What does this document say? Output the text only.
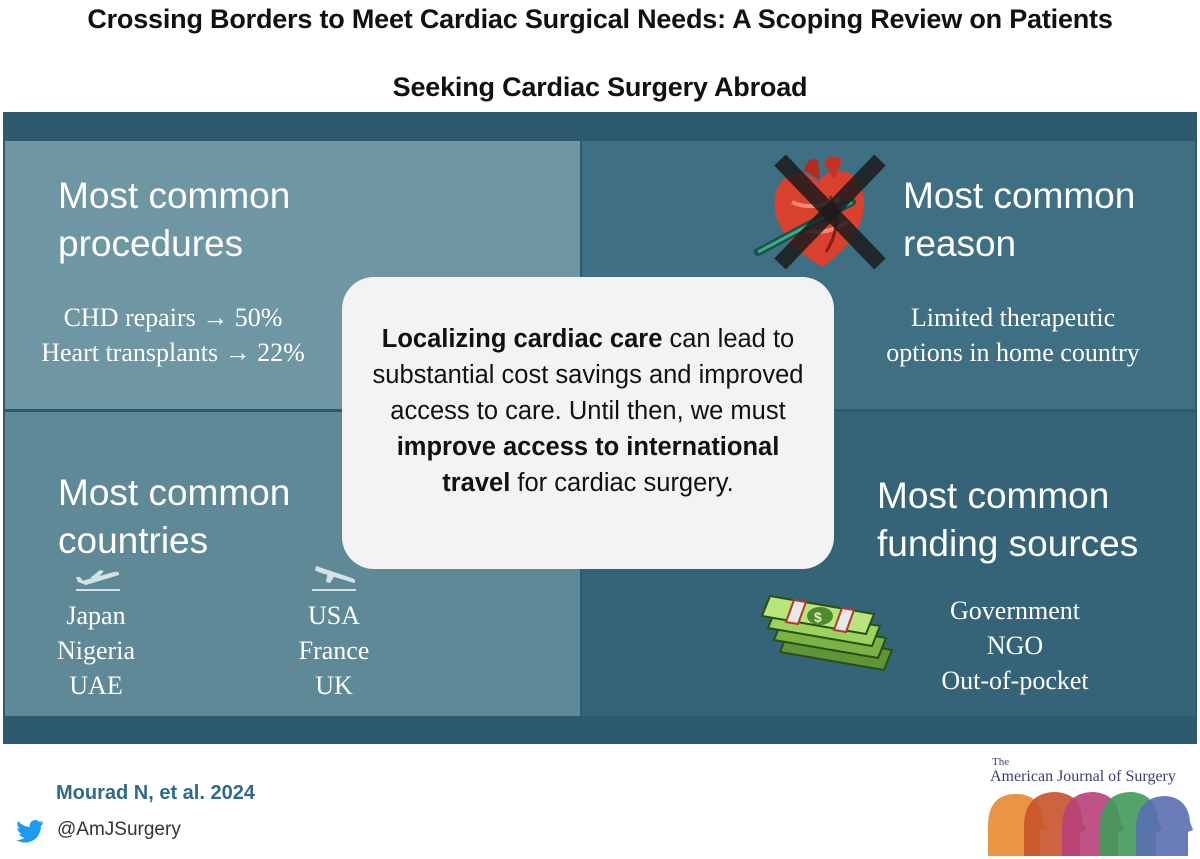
Crossing Borders to Meet Cardiac Surgical Needs: A Scoping Review on Patients
Seeking Cardiac Surgery Abroad
Most common
procedures
CHD repairs → 50%
Heart transplants → 22%
Most common
countries
Japan
Nigeria
UAE
USA
France
UK
Most common
reason
Limited therapeutic
options in home country
Most common
funding sources
$	Government
NGO
Out-of-pocket
Localizing cardiac care can lead to substantial cost savings and improved access to care. Until then, we must improve access to international travel for cardiac surgery.
Mourad N, et al. 2024
@AmJSurgery
The
American Journal of Surgery
